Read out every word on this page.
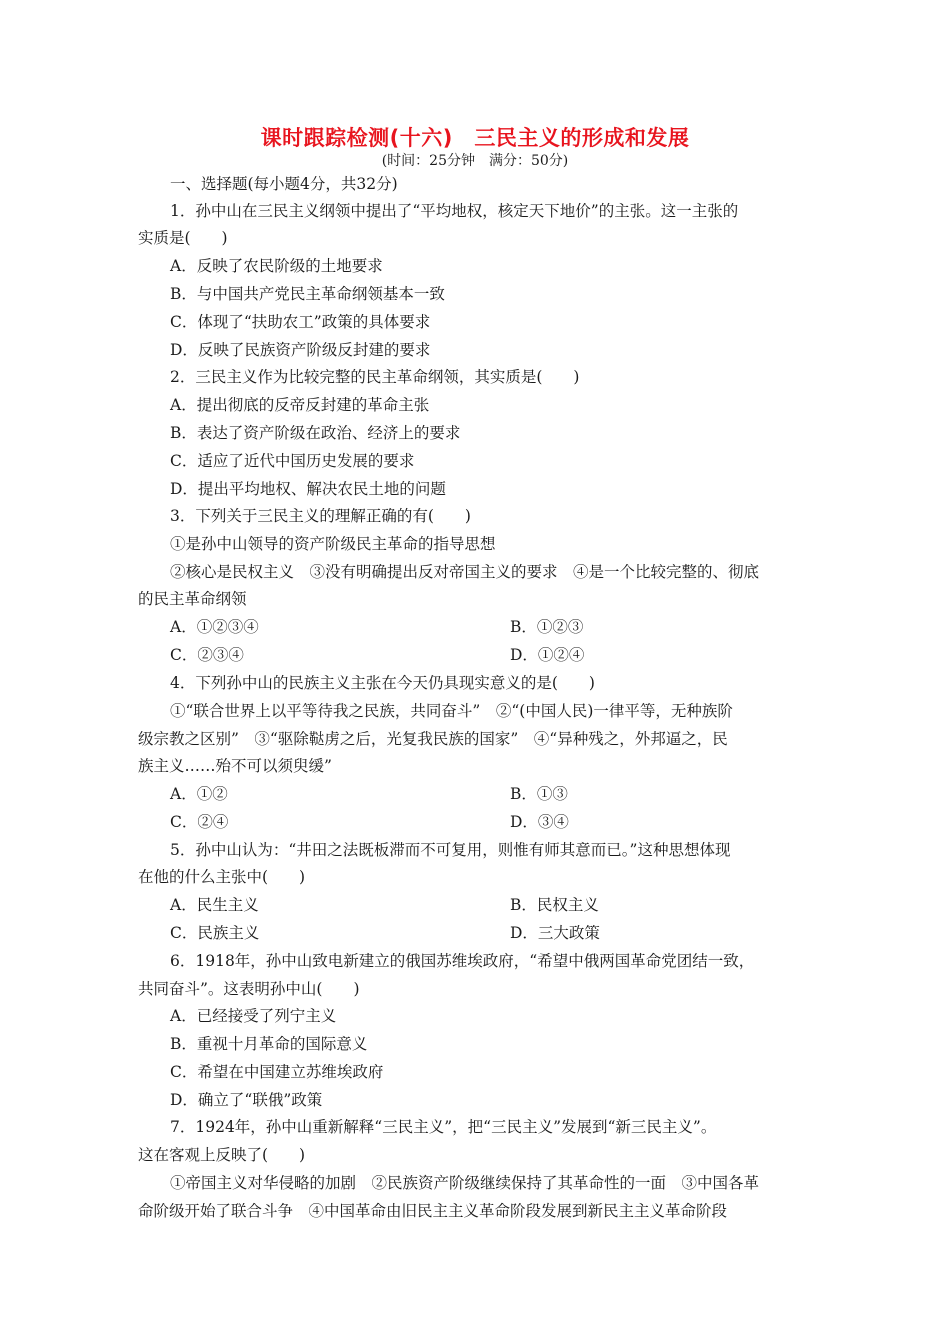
课时跟踪检测(十六)　三民主义的形成和发展
(时间：25分钟　满分：50分)
一、选择题(每小题4分，共32分)
1．孙中山在三民主义纲领中提出了“平均地权，核定天下地价”的主张。这一主张的
实质是(　　)
A．反映了农民阶级的土地要求
B．与中国共产党民主革命纲领基本一致
C．体现了“扶助农工”政策的具体要求
D．反映了民族资产阶级反封建的要求
2．三民主义作为比较完整的民主革命纲领，其实质是(　　)
A．提出彻底的反帝反封建的革命主张
B．表达了资产阶级在政治、经济上的要求
C．适应了近代中国历史发展的要求
D．提出平均地权、解决农民土地的问题
3．下列关于三民主义的理解正确的有(　　)
①是孙中山领导的资产阶级民主革命的指导思想
②核心是民权主义　③没有明确提出反对帝国主义的要求　④是一个比较完整的、彻底
的民主革命纲领
A．①②③④	B．①②③
C．②③④	D．①②④
4．下列孙中山的民族主义主张在今天仍具现实意义的是(　　)
①“联合世界上以平等待我之民族，共同奋斗”　②“(中国人民)一律平等，无种族阶
级宗教之区别”　③“驱除鞑虏之后，光复我民族的国家”　④“异种残之，外邦逼之，民
族主义……殆不可以须臾缓”
A．①②	B．①③
C．②④	D．③④
5．孙中山认为：“井田之法既板滞而不可复用，则惟有师其意而已。”这种思想体现
在他的什么主张中(　　)
A．民生主义	B．民权主义
C．民族主义	D．三大政策
6．1918年，孙中山致电新建立的俄国苏维埃政府，“希望中俄两国革命党团结一致，
共同奋斗”。这表明孙中山(　　)
A．已经接受了列宁主义
B．重视十月革命的国际意义
C．希望在中国建立苏维埃政府
D．确立了“联俄”政策
7．1924年，孙中山重新解释“三民主义”，把“三民主义”发展到“新三民主义”。
这在客观上反映了(　　)
①帝国主义对华侵略的加剧　②民族资产阶级继续保持了其革命性的一面　③中国各革
命阶级开始了联合斗争　④中国革命由旧民主主义革命阶段发展到新民主主义革命阶段
